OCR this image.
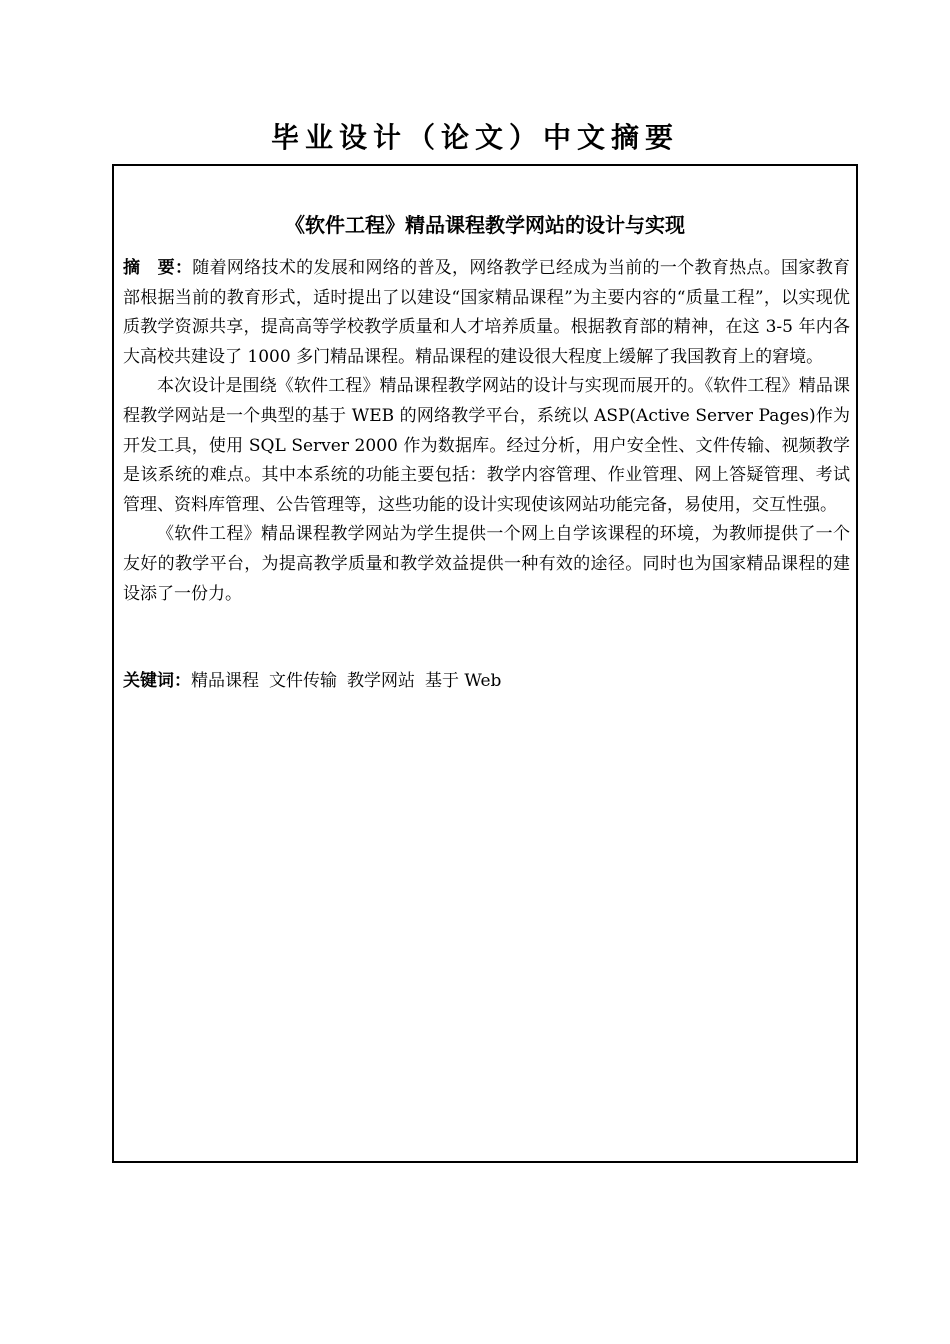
毕业设计（论文）中文摘要
《软件工程》精品课程教学网站的设计与实现

摘　要：随着网络技术的发展和网络的普及，网络教学已经成为当前的一个教育热点。国家教育部根据当前的教育形式，适时提出了以建设“国家精品课程”为主要内容的“质量工程”，以实现优质教学资源共享，提高高等学校教学质量和人才培养质量。根据教育部的精神，在这 3-5 年内各大高校共建设了 1000 多门精品课程。精品课程的建设很大程度上缓解了我国教育上的窘境。

本次设计是围绕《软件工程》精品课程教学网站的设计与实现而展开的。《软件工程》精品课程教学网站是一个典型的基于 WEB 的网络教学平台，系统以 ASP(Active Server Pages)作为开发工具，使用 SQL Server 2000 作为数据库。经过分析，用户安全性、文件传输、视频教学是该系统的难点。其中本系统的功能主要包括：教学内容管理、作业管理、网上答疑管理、考试管理、资料库管理、公告管理等，这些功能的设计实现使该网站功能完备，易使用，交互性强。

《软件工程》精品课程教学网站为学生提供一个网上自学该课程的环境，为教师提供了一个友好的教学平台，为提高教学质量和教学效益提供一种有效的途径。同时也为国家精品课程的建设添了一份力。

关键词：精品课程 文件传输 教学网站 基于 Web
